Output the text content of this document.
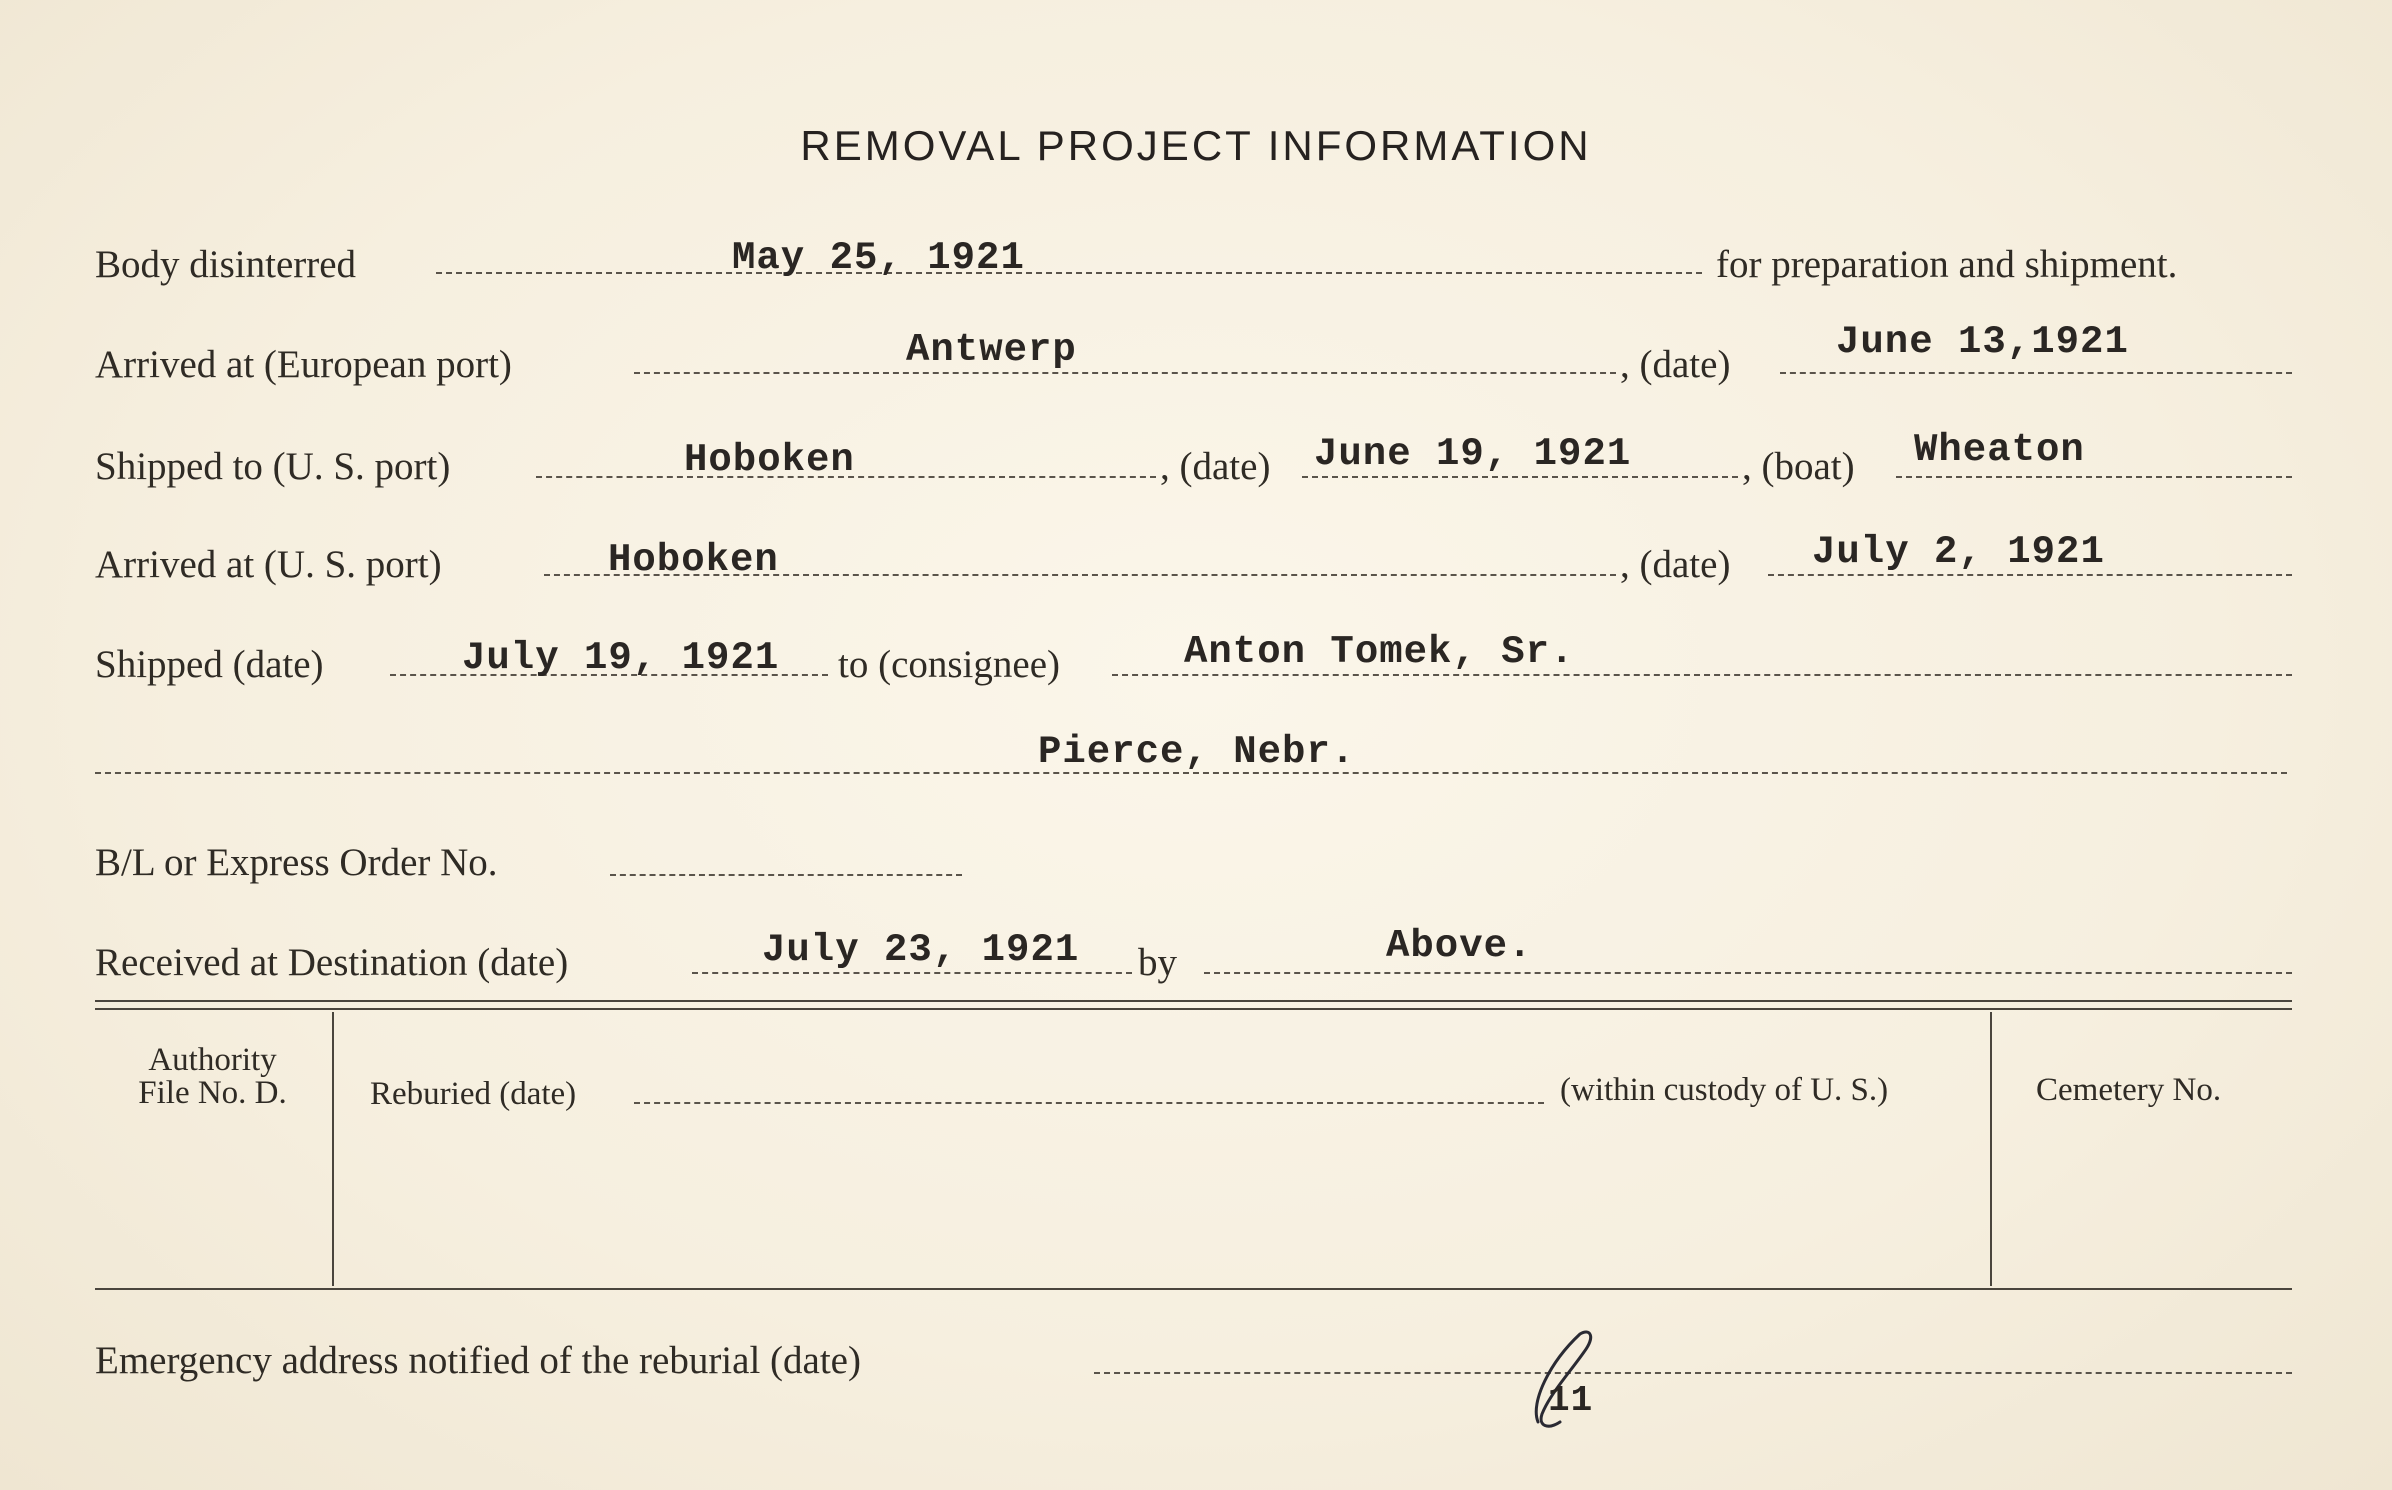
REMOVAL PROJECT INFORMATION
Body disinterred	May 25, 1921	for preparation and shipment.
Arrived at (European port)	Antwerp	, (date)
June 13,1921
Shipped to (U. S. port)	Hoboken	, (date) June 19, 1921	, (boat) Wheaton
Arrived at (U. S. port)	Hoboken	, (date) July 2, 1921
Shipped (date)	July 19, 1921 to (consignee)	Anton Tomek, Sr.
Pierce, Nebr.
B/L or Express Order No.
Received at Destination (date)	July 23, 1921 by	Above.
Authority
File No. D.	Reburied (date)	(within custody of U. S.)	Cemetery No.
Emergency address notified of the reburial (date)
11
